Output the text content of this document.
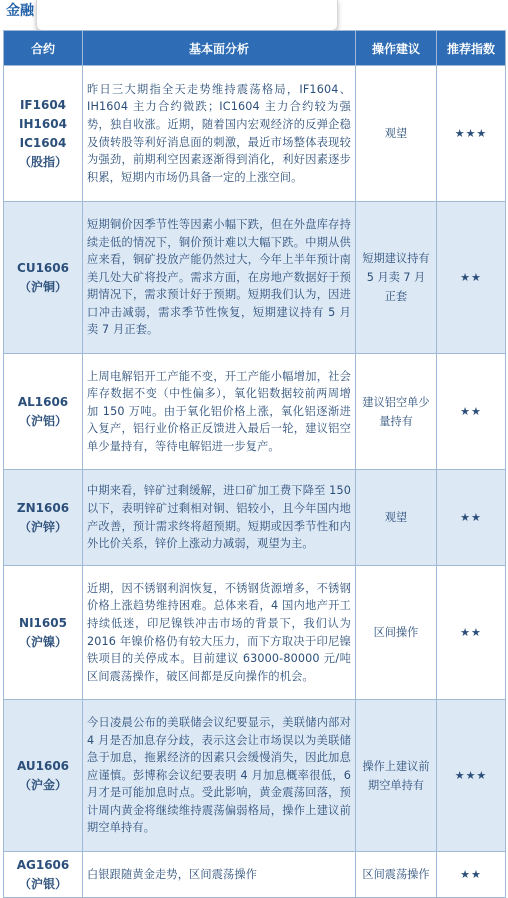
金融
合约	基本面分析	操作建议	推荐指数

IF1604
IH1604
IC1604
（股指）	昨日三大期指全天走势维持震荡格局，IF1604、IH1604 主力合约微跌；IC1604 主力合约较为强势，独自收涨。近期，随着国内宏观经济的反弹企稳及债转股等利好消息面的刺激，最近市场整体表现较为强劲，前期利空因素逐渐得到消化，利好因素逐步积累，短期内市场仍具备一定的上涨空间。	观望	★★★

CU1606
（沪铜）	短期铜价因季节性等因素小幅下跌，但在外盘库存持续走低的情况下，铜价预计难以大幅下跌。中期从供应来看，铜矿投放产能仍然过大，今年上半年预计南美几处大矿将投产。需求方面，在房地产数据好于预期情况下，需求预计好于预期。短期我们认为，因进口冲击减弱，需求季节性恢复，短期建议持有 5 月卖 7 月正套。	短期建议持有 5 月卖 7 月正套	★★

AL1606
（沪铝）	上周电解铝开工产能不变，开工产能小幅增加，社会库存数据不变（中性偏多），氧化铝数据较前两周增加 150 万吨。由于氧化铝价格上涨，氧化铝逐渐进入复产，铝行业价格正反馈进入最后一轮，建议铝空单少量持有，等待电解铝进一步复产。	建议铝空单少量持有	★★

ZN1606
（沪锌）	中期来看，锌矿过剩缓解，进口矿加工费下降至 150 以下，表明锌矿过剩相对铜、铝较小，且今年国内地产改善，预计需求终将超预期。短期或因季节性和内外比价关系，锌价上涨动力减弱，观望为主。	观望	★★

NI1605
（沪镍）	近期，因不锈钢利润恢复，不锈钢货源增多，不锈钢价格上涨趋势维持困难。总体来看，4 国内地产开工持续低迷，印尼镍铁冲击市场的背景下，我们认为 2016 年镍价格仍有较大压力，而下方取决于印尼镍铁项目的关停成本。目前建议 63000-80000 元/吨区间震荡操作，破区间都是反向操作的机会。	区间操作	★★

AU1606
（沪金）	今日凌晨公布的美联储会议纪要显示，美联储内部对 4 月是否加息存分歧，表示这会让市场误以为美联储急于加息，拖累经济的因素只会缓慢消失，因此加息应谨慎。彭博称会议纪要表明 4 月加息概率很低，6 月才是可能加息时点。受此影响，黄金震荡回落，预计周内黄金将继续维持震荡偏弱格局，操作上建议前期空单持有。	操作上建议前期空单持有	★★★

AG1606
（沪银）	白银跟随黄金走势，区间震荡操作	区间震荡操作	★★
